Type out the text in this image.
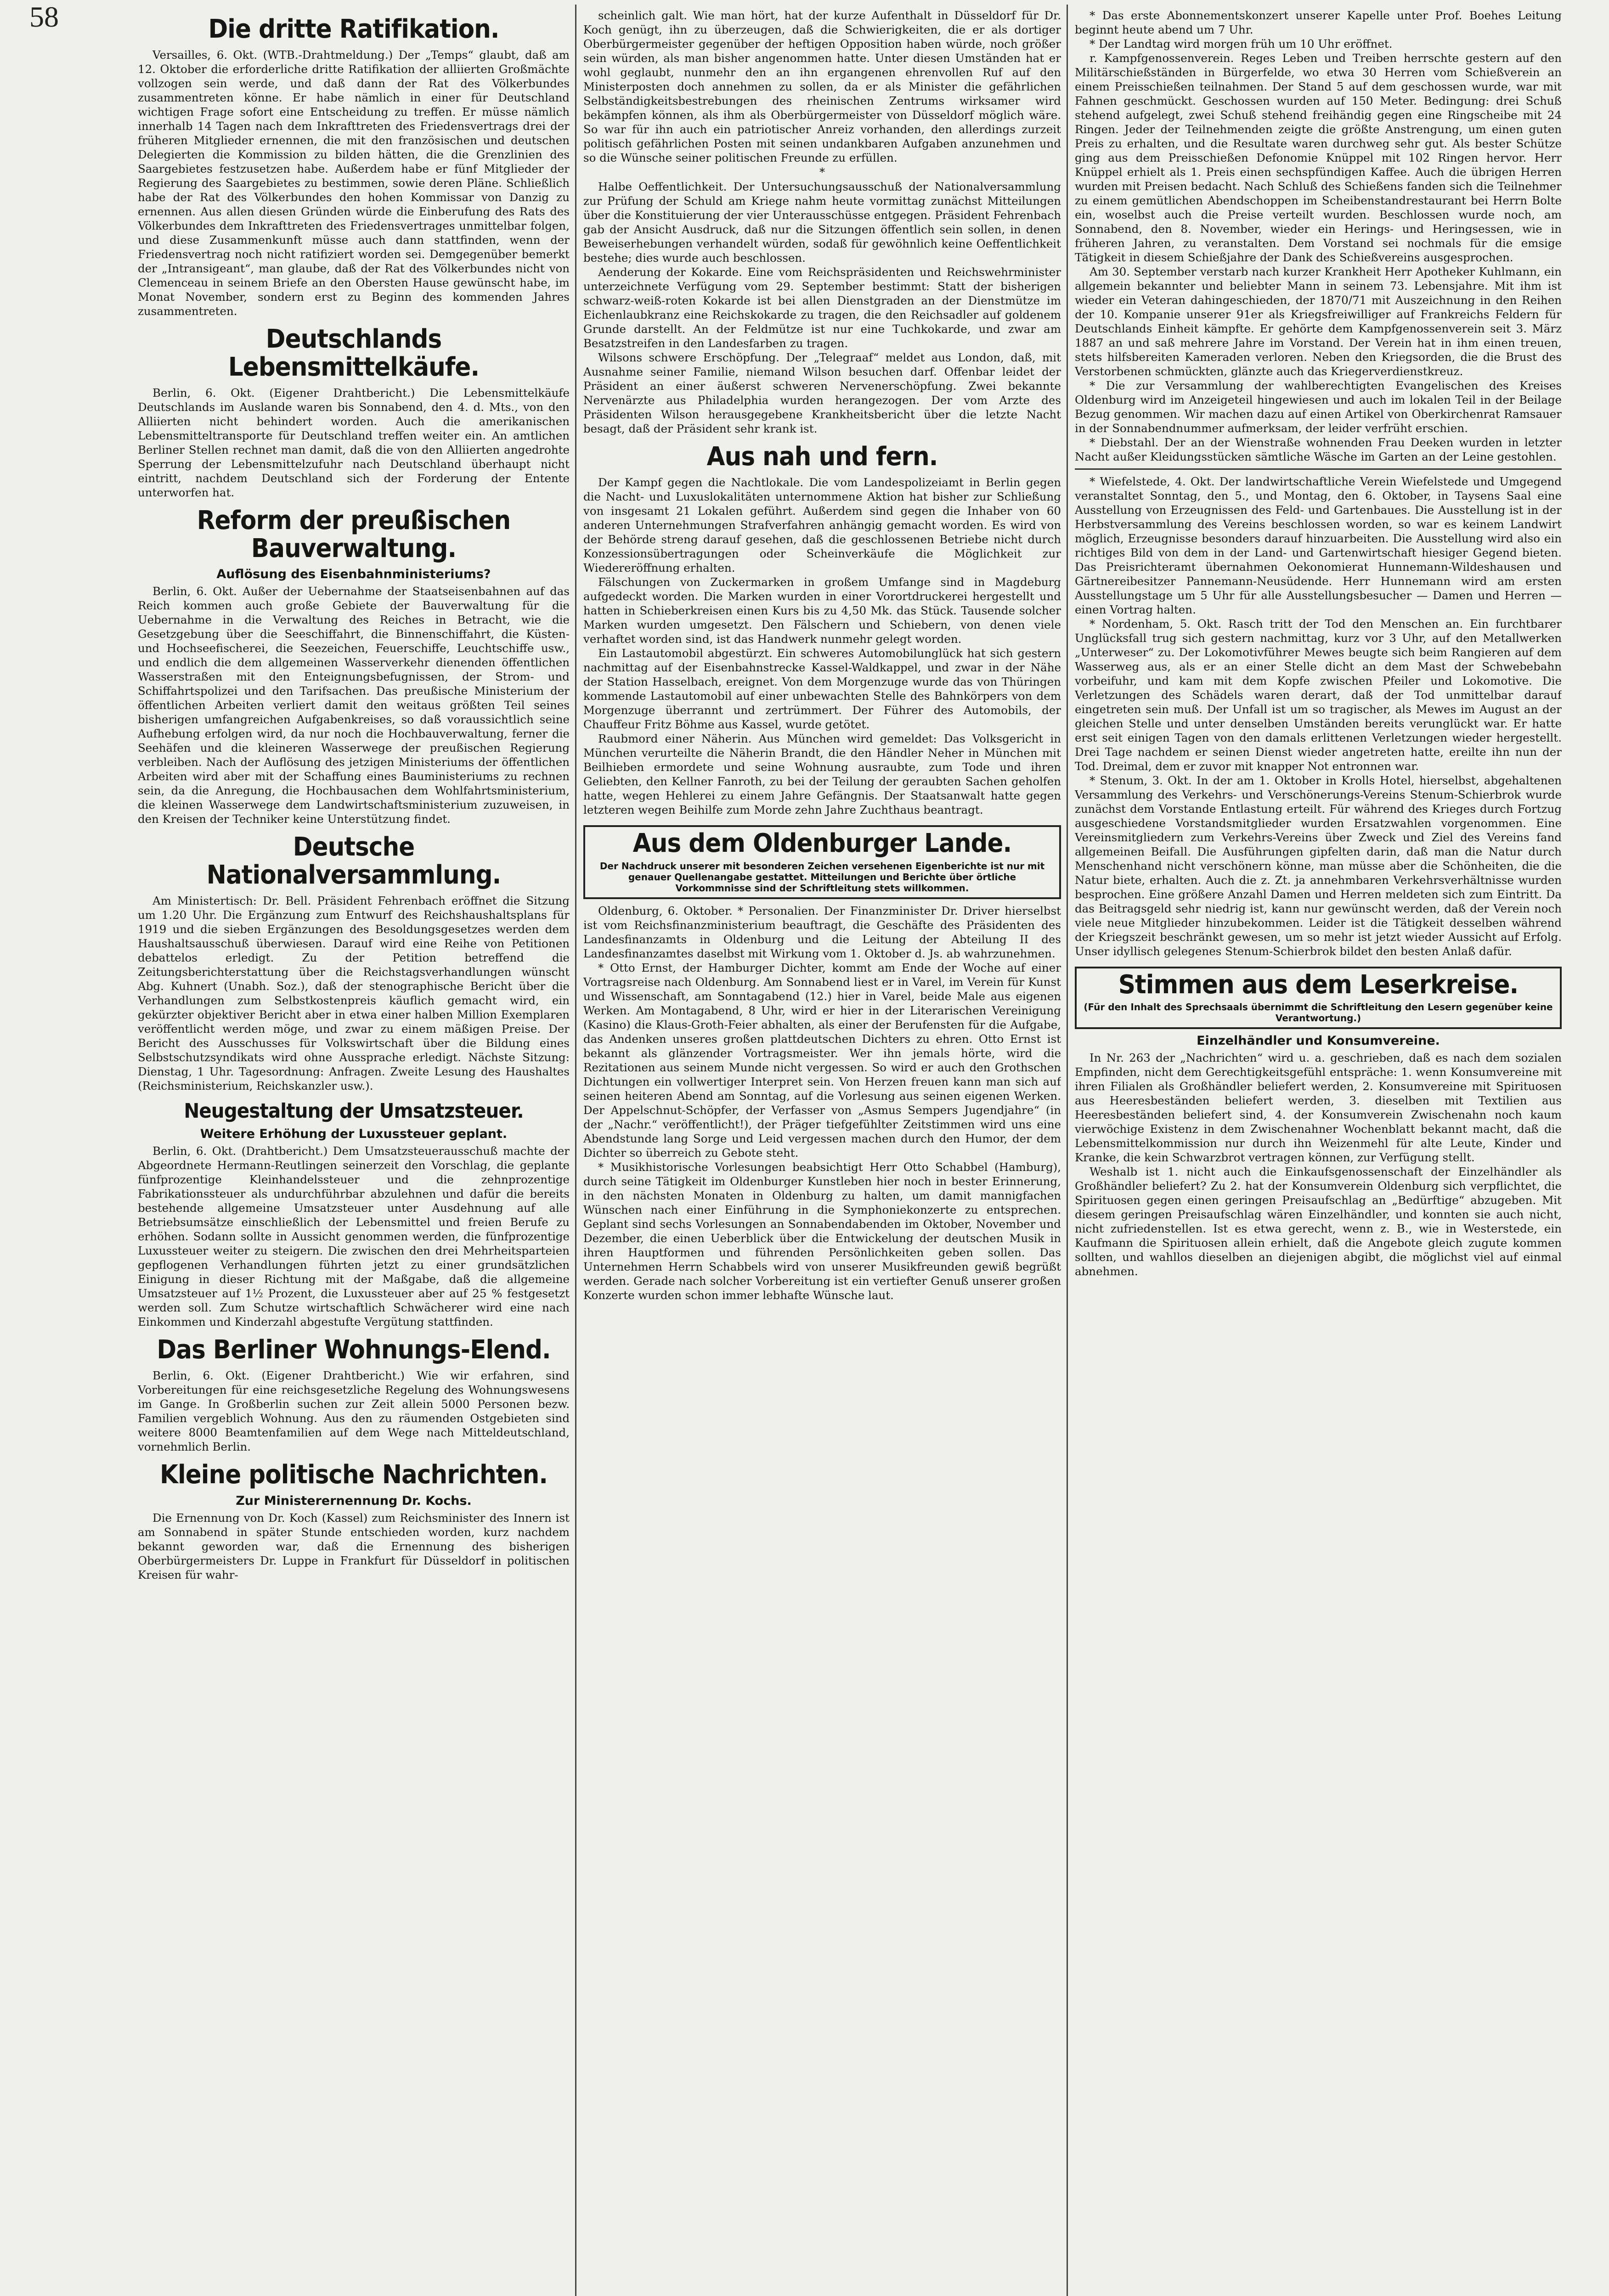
58	Die dritte Ratifikation.

Versailles, 6. Okt. (WTB.-Drahtmeldung.) Der „Temps“ glaubt, daß am 12. Oktober die erforderliche dritte Ratifikation der alliierten Großmächte vollzogen sein werde, und daß dann der Rat des Völkerbundes zusammentreten könne. Er habe nämlich in einer für Deutschland wichtigen Frage sofort eine Entscheidung zu treffen. Er müsse nämlich innerhalb 14 Tagen nach dem Inkrafttreten des Friedensvertrags drei der früheren Mitglieder ernennen, die mit den französischen und deutschen Delegierten die Kommission zu bilden hätten, die die Grenzlinien des Saargebietes festzusetzen habe. Außerdem habe er fünf Mitglieder der Regierung des Saargebietes zu bestimmen, sowie deren Pläne. Schließlich habe der Rat des Völkerbundes den hohen Kommissar von Danzig zu ernennen. Aus allen diesen Gründen würde die Einberufung des Rats des Völkerbundes dem Inkrafttreten des Friedensvertrages unmittelbar folgen, und diese Zusammenkunft müsse auch dann stattfinden, wenn der Friedensvertrag noch nicht ratifiziert worden sei. Demgegenüber bemerkt der „Intransigeant“, man glaube, daß der Rat des Völkerbundes nicht von Clemenceau in seinem Briefe an den Obersten Hause gewünscht habe, im Monat November, sondern erst zu Beginn des kommenden Jahres zusammentreten.

Deutschlands Lebensmittelkäufe.

Berlin, 6. Okt. (Eigener Drahtbericht.) Die Lebensmittelkäufe Deutschlands im Auslande waren bis Sonnabend, den 4. d. Mts., von den Alliierten nicht behindert worden. Auch die amerikanischen Lebensmitteltransporte für Deutschland treffen weiter ein. An amtlichen Berliner Stellen rechnet man damit, daß die von den Alliierten angedrohte Sperrung der Lebensmittelzufuhr nach Deutschland überhaupt nicht eintritt, nachdem Deutschland sich der Forderung der Entente unterworfen hat.

Reform der preußischen Bauverwaltung.
Auflösung des Eisenbahnministeriums?

Berlin, 6. Okt. Außer der Uebernahme der Staatseisenbahnen auf das Reich kommen auch große Gebiete der Bauverwaltung für die Uebernahme in die Verwaltung des Reiches in Betracht, wie die Gesetzgebung über die Seeschiffahrt, die Binnenschiffahrt, die Küsten- und Hochseefischerei, die Seezeichen, Feuerschiffe, Leuchtschiffe usw., und endlich die dem allgemeinen Wasserverkehr dienenden öffentlichen Wasserstraßen mit den Enteignungsbefugnissen, der Strom- und Schiffahrtspolizei und den Tarifsachen. Das preußische Ministerium der öffentlichen Arbeiten verliert damit den weitaus größten Teil seines bisherigen umfangreichen Aufgabenkreises, so daß voraussichtlich seine Aufhebung erfolgen wird, da nur noch die Hochbauverwaltung, ferner die Seehäfen und die kleineren Wasserwege der preußischen Regierung verbleiben. Nach der Auflösung des jetzigen Ministeriums der öffentlichen Arbeiten wird aber mit der Schaffung eines Bauministeriums zu rechnen sein, da die Anregung, die Hochbausachen dem Wohlfahrtsministerium, die kleinen Wasserwege dem Landwirtschaftsministerium zuzuweisen, in den Kreisen der Techniker keine Unterstützung findet.

Deutsche Nationalversammlung.

Am Ministertisch: Dr. Bell. Präsident Fehrenbach eröffnet die Sitzung um 1.20 Uhr. Die Ergänzung zum Entwurf des Reichshaushaltsplans für 1919 und die sieben Ergänzungen des Besoldungsgesetzes werden dem Haushaltsausschuß überwiesen. Darauf wird eine Reihe von Petitionen debattelos erledigt. Zu der Petition betreffend die Zeitungsberichterstattung über die Reichstagsverhandlungen wünscht Abg. Kuhnert (Unabh. Soz.), daß der stenographische Bericht über die Verhandlungen zum Selbstkostenpreis käuflich gemacht wird, ein gekürzter objektiver Bericht aber in etwa einer halben Million Exemplaren veröffentlicht werden möge, und zwar zu einem mäßigen Preise. Der Bericht des Ausschusses für Volkswirtschaft über die Bildung eines Selbstschutzsyndikats wird ohne Aussprache erledigt. Nächste Sitzung: Dienstag, 1 Uhr. Tagesordnung: Anfragen. Zweite Lesung des Haushaltes (Reichsministerium, Reichskanzler usw.).

Neugestaltung der Umsatzsteuer.
Weitere Erhöhung der Luxussteuer geplant.

Berlin, 6. Okt. (Drahtbericht.) Dem Umsatzsteuerausschuß machte der Abgeordnete Hermann-Reutlingen seinerzeit den Vorschlag, die geplante fünfprozentige Kleinhandelssteuer und die zehnprozentige Fabrikationssteuer als undurchführbar abzulehnen und dafür die bereits bestehende allgemeine Umsatzsteuer unter Ausdehnung auf alle Betriebsumsätze einschließlich der Lebensmittel und freien Berufe zu erhöhen. Sodann sollte in Aussicht genommen werden, die fünfprozentige Luxussteuer weiter zu steigern. Die zwischen den drei Mehrheitsparteien gepflogenen Verhandlungen führten jetzt zu einer grundsätzlichen Einigung in dieser Richtung mit der Maßgabe, daß die allgemeine Umsatzsteuer auf 1½ Prozent, die Luxussteuer aber auf 25 % festgesetzt werden soll. Zum Schutze wirtschaftlich Schwächerer wird eine nach Einkommen und Kinderzahl abgestufte Vergütung stattfinden.

Das Berliner Wohnungs-Elend.

Berlin, 6. Okt. (Eigener Drahtbericht.) Wie wir erfahren, sind Vorbereitungen für eine reichsgesetzliche Regelung des Wohnungswesens im Gange. In Großberlin suchen zur Zeit allein 5000 Personen bezw. Familien vergeblich Wohnung. Aus den zu räumenden Ostgebieten sind weitere 8000 Beamtenfamilien auf dem Wege nach Mitteldeutschland, vornehmlich Berlin.

Kleine politische Nachrichten.
Zur Ministerernennung Dr. Kochs.

Die Ernennung von Dr. Koch (Kassel) zum Reichsminister des Innern ist am Sonnabend in später Stunde entschieden worden, kurz nachdem bekannt geworden war, daß die Ernennung des bisherigen Oberbürgermeisters Dr. Luppe in Frankfurt für Düsseldorf in politischen Kreisen für wahr-

scheinlich galt. Wie man hört, hat der kurze Aufenthalt in Düsseldorf für Dr. Koch genügt, ihn zu überzeugen, daß die Schwierigkeiten, die er als dortiger Oberbürgermeister gegenüber der heftigen Opposition haben würde, noch größer sein würden, als man bisher angenommen hatte. Unter diesen Umständen hat er wohl geglaubt, nunmehr den an ihn ergangenen ehrenvollen Ruf auf den Ministerposten doch annehmen zu sollen, da er als Minister die gefährlichen Selbständigkeitsbestrebungen des rheinischen Zentrums wirksamer wird bekämpfen können, als ihm als Oberbürgermeister von Düsseldorf möglich wäre. So war für ihn auch ein patriotischer Anreiz vorhanden, den allerdings zurzeit politisch gefährlichen Posten mit seinen undankbaren Aufgaben anzunehmen und so die Wünsche seiner politischen Freunde zu erfüllen.

*

Halbe Oeffentlichkeit. Der Untersuchungsausschuß der Nationalversammlung zur Prüfung der Schuld am Kriege nahm heute vormittag zunächst Mitteilungen über die Konstituierung der vier Unterausschüsse entgegen. Präsident Fehrenbach gab der Ansicht Ausdruck, daß nur die Sitzungen öffentlich sein sollen, in denen Beweiserhebungen verhandelt würden, sodaß für gewöhnlich keine Oeffentlichkeit bestehe; dies wurde auch beschlossen.

Aenderung der Kokarde. Eine vom Reichspräsidenten und Reichswehrminister unterzeichnete Verfügung vom 29. September bestimmt: Statt der bisherigen schwarz-weiß-roten Kokarde ist bei allen Dienstgraden an der Dienstmütze im Eichenlaubkranz eine Reichskokarde zu tragen, die den Reichsadler auf goldenem Grunde darstellt. An der Feldmütze ist nur eine Tuchkokarde, und zwar am Besatzstreifen in den Landesfarben zu tragen.

Wilsons schwere Erschöpfung. Der „Telegraaf“ meldet aus London, daß, mit Ausnahme seiner Familie, niemand Wilson besuchen darf. Offenbar leidet der Präsident an einer äußerst schweren Nervenerschöpfung. Zwei bekannte Nervenärzte aus Philadelphia wurden herangezogen. Der vom Arzte des Präsidenten Wilson herausgegebene Krankheitsbericht über die letzte Nacht besagt, daß der Präsident sehr krank ist.

Aus nah und fern.

Der Kampf gegen die Nachtlokale. Die vom Landespolizeiamt in Berlin gegen die Nacht- und Luxuslokalitäten unternommene Aktion hat bisher zur Schließung von insgesamt 21 Lokalen geführt. Außerdem sind gegen die Inhaber von 60 anderen Unternehmungen Strafverfahren anhängig gemacht worden. Es wird von der Behörde streng darauf gesehen, daß die geschlossenen Betriebe nicht durch Konzessionsübertragungen oder Scheinverkäufe die Möglichkeit zur Wiedereröffnung erhalten.

Fälschungen von Zuckermarken in großem Umfange sind in Magdeburg aufgedeckt worden. Die Marken wurden in einer Vorortdruckerei hergestellt und hatten in Schieberkreisen einen Kurs bis zu 4,50 Mk. das Stück. Tausende solcher Marken wurden umgesetzt. Den Fälschern und Schiebern, von denen viele verhaftet worden sind, ist das Handwerk nunmehr gelegt worden.

Ein Lastautomobil abgestürzt. Ein schweres Automobilunglück hat sich gestern nachmittag auf der Eisenbahnstrecke Kassel-Waldkappel, und zwar in der Nähe der Station Hasselbach, ereignet. Von dem Morgenzuge wurde das von Thüringen kommende Lastautomobil auf einer unbewachten Stelle des Bahnkörpers von dem Morgenzuge überrannt und zertrümmert. Der Führer des Automobils, der Chauffeur Fritz Böhme aus Kassel, wurde getötet.

Raubmord einer Näherin. Aus München wird gemeldet: Das Volksgericht in München verurteilte die Näherin Brandt, die den Händler Neher in München mit Beilhieben ermordete und seine Wohnung ausraubte, zum Tode und ihren Geliebten, den Kellner Fanroth, zu bei der Teilung der geraubten Sachen geholfen hatte, wegen Hehlerei zu einem Jahre Gefängnis. Der Staatsanwalt hatte gegen letzteren wegen Beihilfe zum Morde zehn Jahre Zuchthaus beantragt.

Aus dem Oldenburger Lande.
Der Nachdruck unserer mit besonderen Zeichen versehenen Eigenberichte ist nur mit genauer Quellenangabe gestattet. Mitteilungen und Berichte über örtliche Vorkommnisse sind der Schriftleitung stets willkommen.

Oldenburg, 6. Oktober. * Personalien. Der Finanzminister Dr. Driver hierselbst ist vom Reichsfinanzministerium beauftragt, die Geschäfte des Präsidenten des Landesfinanzamts in Oldenburg und die Leitung der Abteilung II des Landesfinanzamtes daselbst mit Wirkung vom 1. Oktober d. Js. ab wahrzunehmen.

* Otto Ernst, der Hamburger Dichter, kommt am Ende der Woche auf einer Vortragsreise nach Oldenburg. Am Sonnabend liest er in Varel, im Verein für Kunst und Wissenschaft, am Sonntagabend (12.) hier in Varel, beide Male aus eigenen Werken. Am Montagabend, 8 Uhr, wird er hier in der Literarischen Vereinigung (Kasino) die Klaus-Groth-Feier abhalten, als einer der Berufensten für die Aufgabe, das Andenken unseres großen plattdeutschen Dichters zu ehren. Otto Ernst ist bekannt als glänzender Vortragsmeister. Wer ihn jemals hörte, wird die Rezitationen aus seinem Munde nicht vergessen. So wird er auch den Grothschen Dichtungen ein vollwertiger Interpret sein. Von Herzen freuen kann man sich auf seinen heiteren Abend am Sonntag, auf die Vorlesung aus seinen eigenen Werken. Der Appelschnut-Schöpfer, der Verfasser von „Asmus Sempers Jugendjahre“ (in der „Nachr.“ veröffentlicht!), der Präger tiefgefühlter Zeitstimmen wird uns eine Abendstunde lang Sorge und Leid vergessen machen durch den Humor, der dem Dichter so überreich zu Gebote steht.

* Musikhistorische Vorlesungen beabsichtigt Herr Otto Schabbel (Hamburg), durch seine Tätigkeit im Oldenburger Kunstleben hier noch in bester Erinnerung, in den nächsten Monaten in Oldenburg zu halten, um damit mannigfachen Wünschen nach einer Einführung in die Symphoniekonzerte zu entsprechen. Geplant sind sechs Vorlesungen an Sonnabendabenden im Oktober, November und Dezember, die einen Ueberblick über die Entwickelung der deutschen Musik in ihren Hauptformen und führenden Persönlichkeiten geben sollen. Das Unternehmen Herrn Schabbels wird von unserer Musikfreunden gewiß begrüßt werden. Gerade nach solcher Vorbereitung ist ein vertiefter Genuß unserer großen Konzerte wurden schon immer lebhafte Wünsche laut.

* Das erste Abonnementskonzert unserer Kapelle unter Prof. Boehes Leitung beginnt heute abend um 7 Uhr.

* Der Landtag wird morgen früh um 10 Uhr eröffnet.

r. Kampfgenossenverein. Reges Leben und Treiben herrschte gestern auf den Militärschießständen in Bürgerfelde, wo etwa 30 Herren vom Schießverein an einem Preisschießen teilnahmen. Der Stand 5 auf dem geschossen wurde, war mit Fahnen geschmückt. Geschossen wurden auf 150 Meter. Bedingung: drei Schuß stehend aufgelegt, zwei Schuß stehend freihändig gegen eine Ringscheibe mit 24 Ringen. Jeder der Teilnehmenden zeigte die größte Anstrengung, um einen guten Preis zu erhalten, und die Resultate waren durchweg sehr gut. Als bester Schütze ging aus dem Preisschießen Defonomie Knüppel mit 102 Ringen hervor. Herr Knüppel erhielt als 1. Preis einen sechspfündigen Kaffee. Auch die übrigen Herren wurden mit Preisen bedacht. Nach Schluß des Schießens fanden sich die Teilnehmer zu einem gemütlichen Abendschoppen im Scheibenstandrestaurant bei Herrn Bolte ein, woselbst auch die Preise verteilt wurden. Beschlossen wurde noch, am Sonnabend, den 8. November, wieder ein Herings- und Heringsessen, wie in früheren Jahren, zu veranstalten. Dem Vorstand sei nochmals für die emsige Tätigkeit in diesem Schießjahre der Dank des Schießvereins ausgesprochen.

Am 30. September verstarb nach kurzer Krankheit Herr Apotheker Kuhlmann, ein allgemein bekannter und beliebter Mann in seinem 73. Lebensjahre. Mit ihm ist wieder ein Veteran dahingeschieden, der 1870/71 mit Auszeichnung in den Reihen der 10. Kompanie unserer 91er als Kriegsfreiwilliger auf Frankreichs Feldern für Deutschlands Einheit kämpfte. Er gehörte dem Kampfgenossenverein seit 3. März 1887 an und saß mehrere Jahre im Vorstand. Der Verein hat in ihm einen treuen, stets hilfsbereiten Kameraden verloren. Neben den Kriegsorden, die die Brust des Verstorbenen schmückten, glänzte auch das Kriegerverdienstkreuz.

* Die zur Versammlung der wahlberechtigten Evangelischen des Kreises Oldenburg wird im Anzeigeteil hingewiesen und auch im lokalen Teil in der Beilage Bezug genommen. Wir machen dazu auf einen Artikel von Oberkirchenrat Ramsauer in der Sonnabendnummer aufmerksam, der leider verfrüht erschien.

* Diebstahl. Der an der Wienstraße wohnenden Frau Deeken wurden in letzter Nacht außer Kleidungsstücken sämtliche Wäsche im Garten an der Leine gestohlen.

* Wiefelstede, 4. Okt. Der landwirtschaftliche Verein Wiefelstede und Umgegend veranstaltet Sonntag, den 5., und Montag, den 6. Oktober, in Taysens Saal eine Ausstellung von Erzeugnissen des Feld- und Gartenbaues. Die Ausstellung ist in der Herbstversammlung des Vereins beschlossen worden, so war es keinem Landwirt möglich, Erzeugnisse besonders darauf hinzuarbeiten. Die Ausstellung wird also ein richtiges Bild von dem in der Land- und Gartenwirtschaft hiesiger Gegend bieten. Das Preisrichteramt übernahmen Oekonomierat Hunnemann-Wildeshausen und Gärtnereibesitzer Pannemann-Neusüdende. Herr Hunnemann wird am ersten Ausstellungstage um 5 Uhr für alle Ausstellungsbesucher — Damen und Herren — einen Vortrag halten.

* Nordenham, 5. Okt. Rasch tritt der Tod den Menschen an. Ein furchtbarer Unglücksfall trug sich gestern nachmittag, kurz vor 3 Uhr, auf den Metallwerken „Unterweser“ zu. Der Lokomotivführer Mewes beugte sich beim Rangieren auf dem Wasserweg aus, als er an einer Stelle dicht an dem Mast der Schwebebahn vorbeifuhr, und kam mit dem Kopfe zwischen Pfeiler und Lokomotive. Die Verletzungen des Schädels waren derart, daß der Tod unmittelbar darauf eingetreten sein muß. Der Unfall ist um so tragischer, als Mewes im August an der gleichen Stelle und unter denselben Umständen bereits verunglückt war. Er hatte erst seit einigen Tagen von den damals erlittenen Verletzungen wieder hergestellt. Drei Tage nachdem er seinen Dienst wieder angetreten hatte, ereilte ihn nun der Tod. Dreimal, dem er zuvor mit knapper Not entronnen war.

* Stenum, 3. Okt. In der am 1. Oktober in Krolls Hotel, hierselbst, abgehaltenen Versammlung des Verkehrs- und Verschönerungs-Vereins Stenum-Schierbrok wurde zunächst dem Vorstande Entlastung erteilt. Für während des Krieges durch Fortzug ausgeschiedene Vorstandsmitglieder wurden Ersatzwahlen vorgenommen. Eine Vereinsmitgliedern zum Verkehrs-Vereins über Zweck und Ziel des Vereins fand allgemeinen Beifall. Die Ausführungen gipfelten darin, daß man die Natur durch Menschenhand nicht verschönern könne, man müsse aber die Schönheiten, die die Natur biete, erhalten. Auch die z. Zt. ja annehmbaren Verkehrsverhältnisse wurden besprochen. Eine größere Anzahl Damen und Herren meldeten sich zum Eintritt. Da das Beitragsgeld sehr niedrig ist, kann nur gewünscht werden, daß der Verein noch viele neue Mitglieder hinzubekommen. Leider ist die Tätigkeit desselben während der Kriegszeit beschränkt gewesen, um so mehr ist jetzt wieder Aussicht auf Erfolg. Unser idyllisch gelegenes Stenum-Schierbrok bildet den besten Anlaß dafür.

Stimmen aus dem Leserkreise.
(Für den Inhalt des Sprechsaals übernimmt die Schriftleitung den Lesern gegenüber keine Verantwortung.)
Einzelhändler und Konsumvereine.

In Nr. 263 der „Nachrichten“ wird u. a. geschrieben, daß es nach dem sozialen Empfinden, nicht dem Gerechtigkeitsgefühl entspräche: 1. wenn Konsumvereine mit ihren Filialen als Großhändler beliefert werden, 2. Konsumvereine mit Spirituosen aus Heeresbeständen beliefert werden, 3. dieselben mit Textilien aus Heeresbeständen beliefert sind, 4. der Konsumverein Zwischenahn noch kaum vierwöchige Existenz in dem Zwischenahner Wochenblatt bekannt macht, daß die Lebensmittelkommission nur durch ihn Weizenmehl für alte Leute, Kinder und Kranke, die kein Schwarzbrot vertragen können, zur Verfügung stellt.

Weshalb ist 1. nicht auch die Einkaufsgenossenschaft der Einzelhändler als Großhändler beliefert? Zu 2. hat der Konsumverein Oldenburg sich verpflichtet, die Spirituosen gegen einen geringen Preisaufschlag an „Bedürftige“ abzugeben. Mit diesem geringen Preisaufschlag wären Einzelhändler, und konnten sie auch nicht, nicht zufriedenstellen. Ist es etwa gerecht, wenn z. B., wie in Westerstede, ein Kaufmann die Spirituosen allein erhielt, daß die Angebote gleich zugute kommen sollten, und wahllos dieselben an diejenigen abgibt, die möglichst viel auf einmal abnehmen.
